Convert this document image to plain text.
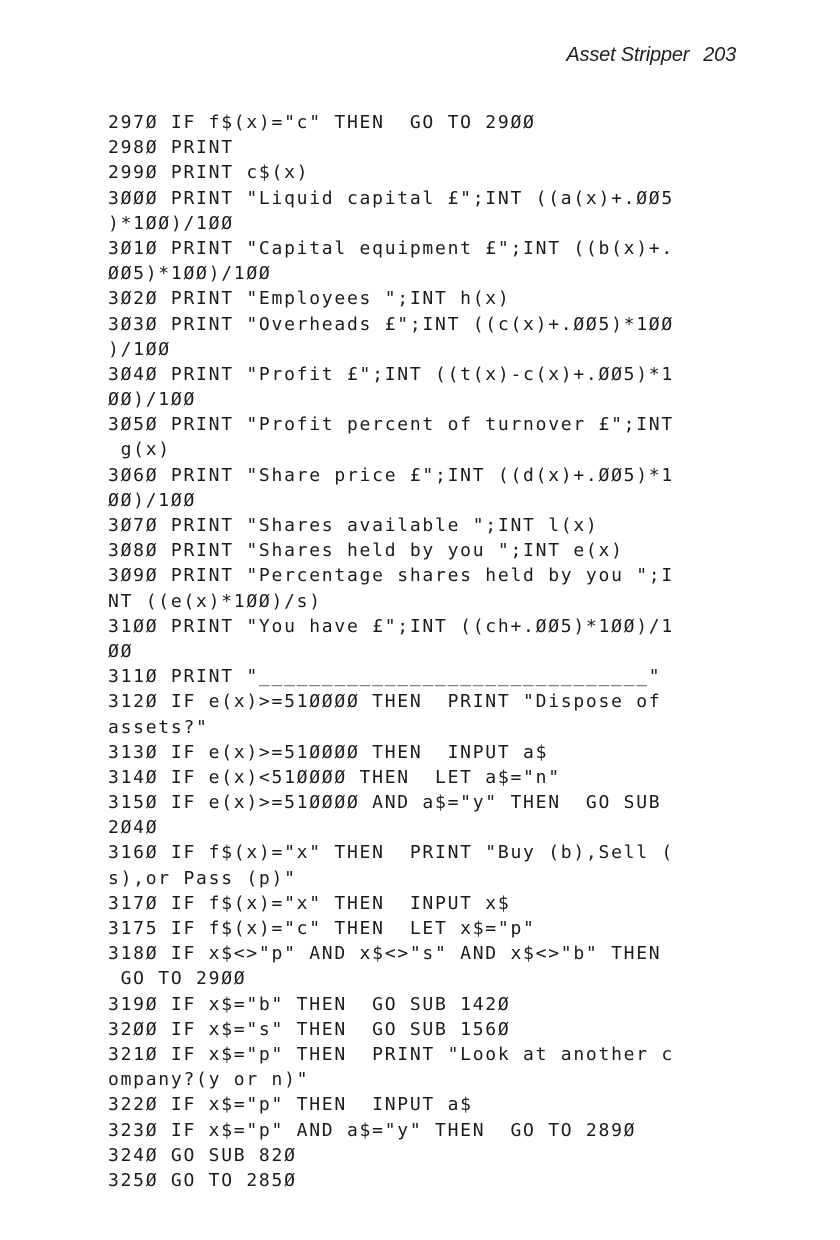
Asset Stripper 203
297Ø IF f$(x)="c" THEN  GO TO 29ØØ
298Ø PRINT
299Ø PRINT c$(x)
3ØØØ PRINT "Liquid capital £";INT ((a(x)+.ØØ5
)*1ØØ)/1ØØ
3Ø1Ø PRINT "Capital equipment £";INT ((b(x)+.
ØØ5)*1ØØ)/1ØØ
3Ø2Ø PRINT "Employees ";INT h(x)
3Ø3Ø PRINT "Overheads £";INT ((c(x)+.ØØ5)*1ØØ
)/1ØØ
3Ø4Ø PRINT "Profit £";INT ((t(x)-c(x)+.ØØ5)*1
ØØ)/1ØØ
3Ø5Ø PRINT "Profit percent of turnover £";INT
g(x)
3Ø6Ø PRINT "Share price £";INT ((d(x)+.ØØ5)*1
ØØ)/1ØØ
3Ø7Ø PRINT "Shares available ";INT l(x)
3Ø8Ø PRINT "Shares held by you ";INT e(x)
3Ø9Ø PRINT "Percentage shares held by you ";I
NT ((e(x)*1ØØ)/s)
31ØØ PRINT "You have £";INT ((ch+.ØØ5)*1ØØ)/1
ØØ
311Ø PRINT "_______________________________"
312Ø IF e(x)>=51ØØØØ THEN  PRINT "Dispose of
assets?"
313Ø IF e(x)>=51ØØØØ THEN  INPUT a$
314Ø IF e(x)<51ØØØØ THEN  LET a$="n"
315Ø IF e(x)>=51ØØØØ AND a$="y" THEN  GO SUB
2Ø4Ø
316Ø IF f$(x)="x" THEN  PRINT "Buy (b),Sell (
s),or Pass (p)"
317Ø IF f$(x)="x" THEN  INPUT x$
3175 IF f$(x)="c" THEN  LET x$="p"
318Ø IF x$<>"p" AND x$<>"s" AND x$<>"b" THEN
GO TO 29ØØ
319Ø IF x$="b" THEN  GO SUB 142Ø
32ØØ IF x$="s" THEN  GO SUB 156Ø
321Ø IF x$="p" THEN  PRINT "Look at another c
ompany?(y or n)"
322Ø IF x$="p" THEN  INPUT a$
323Ø IF x$="p" AND a$="y" THEN  GO TO 289Ø
324Ø GO SUB 82Ø
325Ø GO TO 285Ø
